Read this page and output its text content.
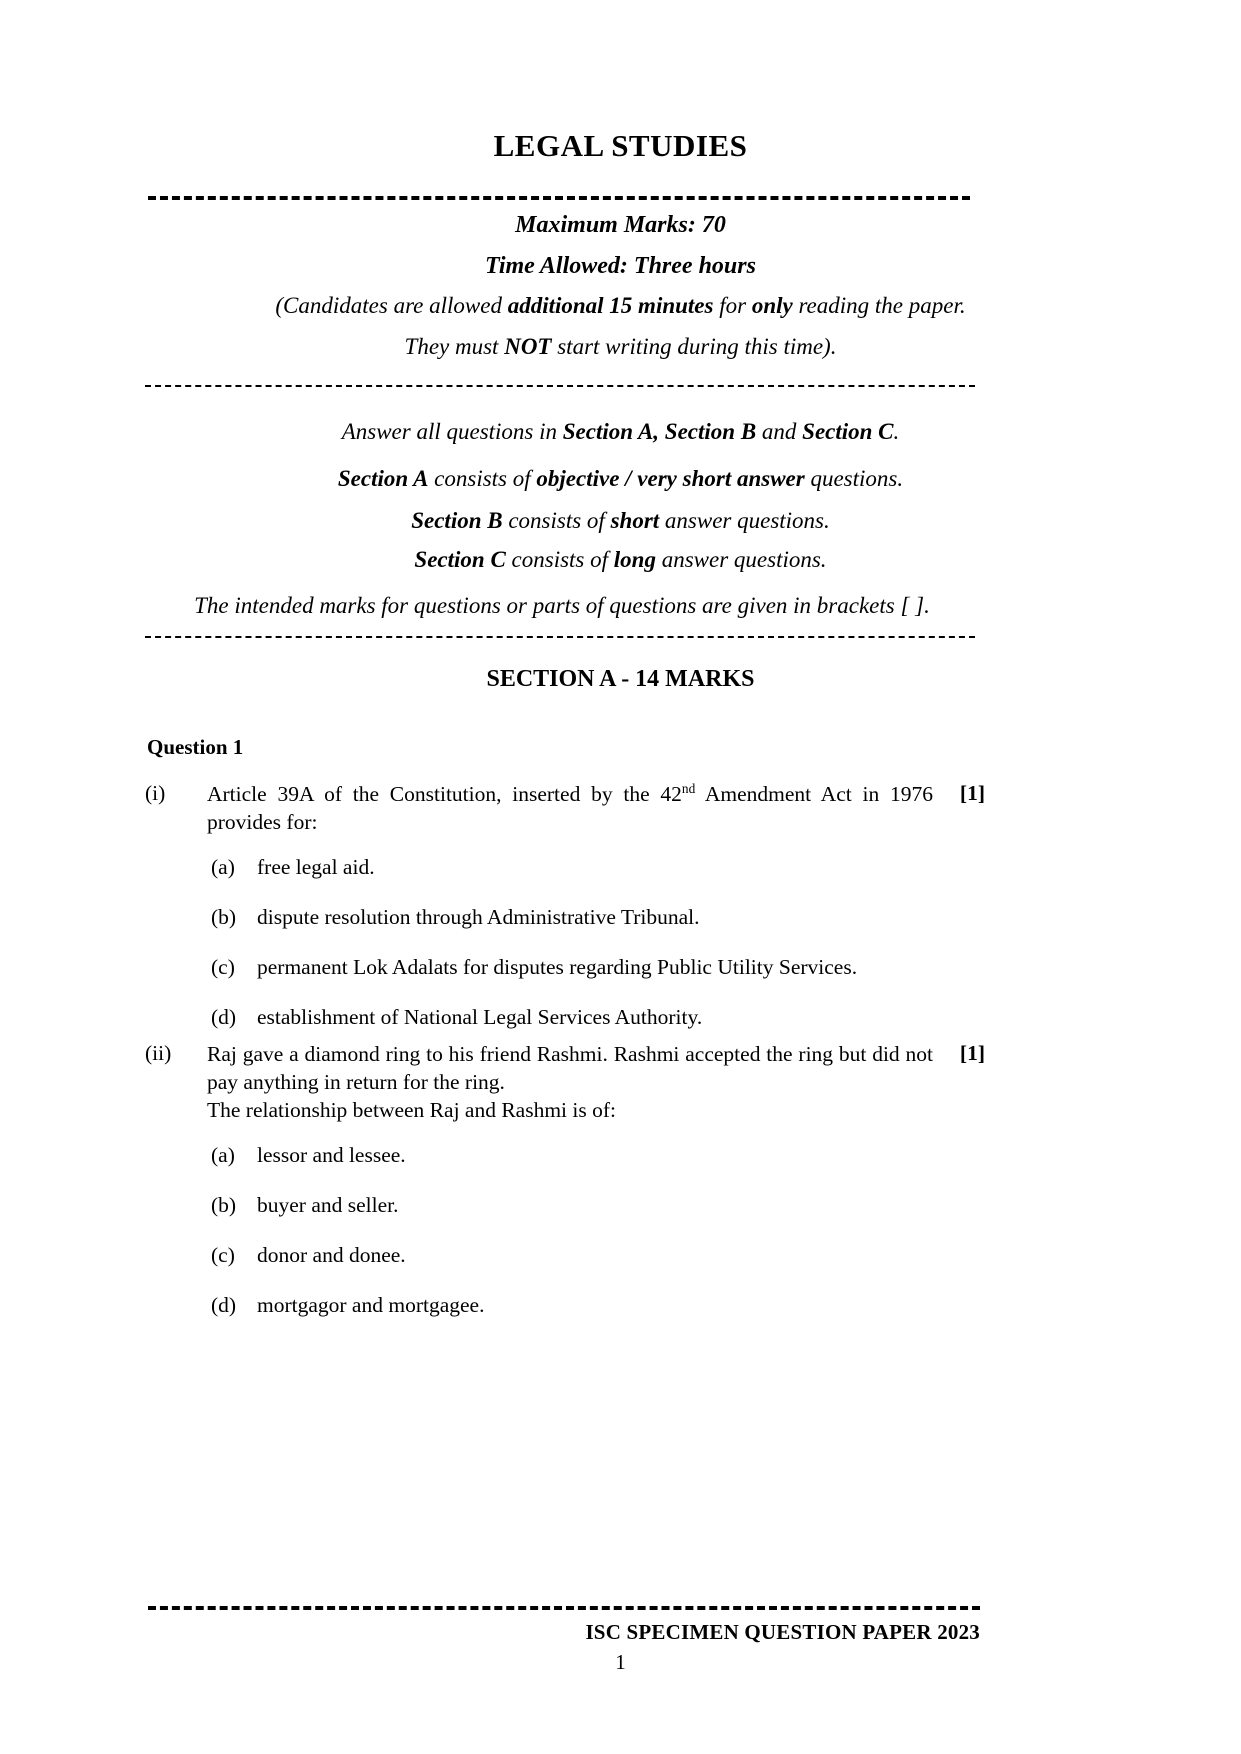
LEGAL STUDIES
Maximum Marks: 70
Time Allowed: Three hours
(Candidates are allowed additional 15 minutes for only reading the paper.
They must NOT start writing during this time).
Answer all questions in Section A, Section B and Section C.
Section A consists of objective / very short answer questions.
Section B consists of short answer questions.
Section C consists of long answer questions.
The intended marks for questions or parts of questions are given in brackets [ ].
SECTION A - 14 MARKS
Question 1
(i)	Article 39A of the Constitution, inserted by the 42nd Amendment Act in 1976 provides for:
[1]
(a)	free legal aid.
(b) dispute resolution through Administrative Tribunal.
(c)	permanent Lok Adalats for disputes regarding Public Utility Services.
(d) establishment of National Legal Services Authority.
(ii)	Raj gave a diamond ring to his friend Rashmi. Rashmi accepted the ring but did not pay anything in return for the ring.
The relationship between Raj and Rashmi is of:
[1]
(a)	lessor and lessee.
(b) buyer and seller.
(c)	donor and donee.
(d) mortgagor and mortgagee.
ISC SPECIMEN QUESTION PAPER 2023
1
